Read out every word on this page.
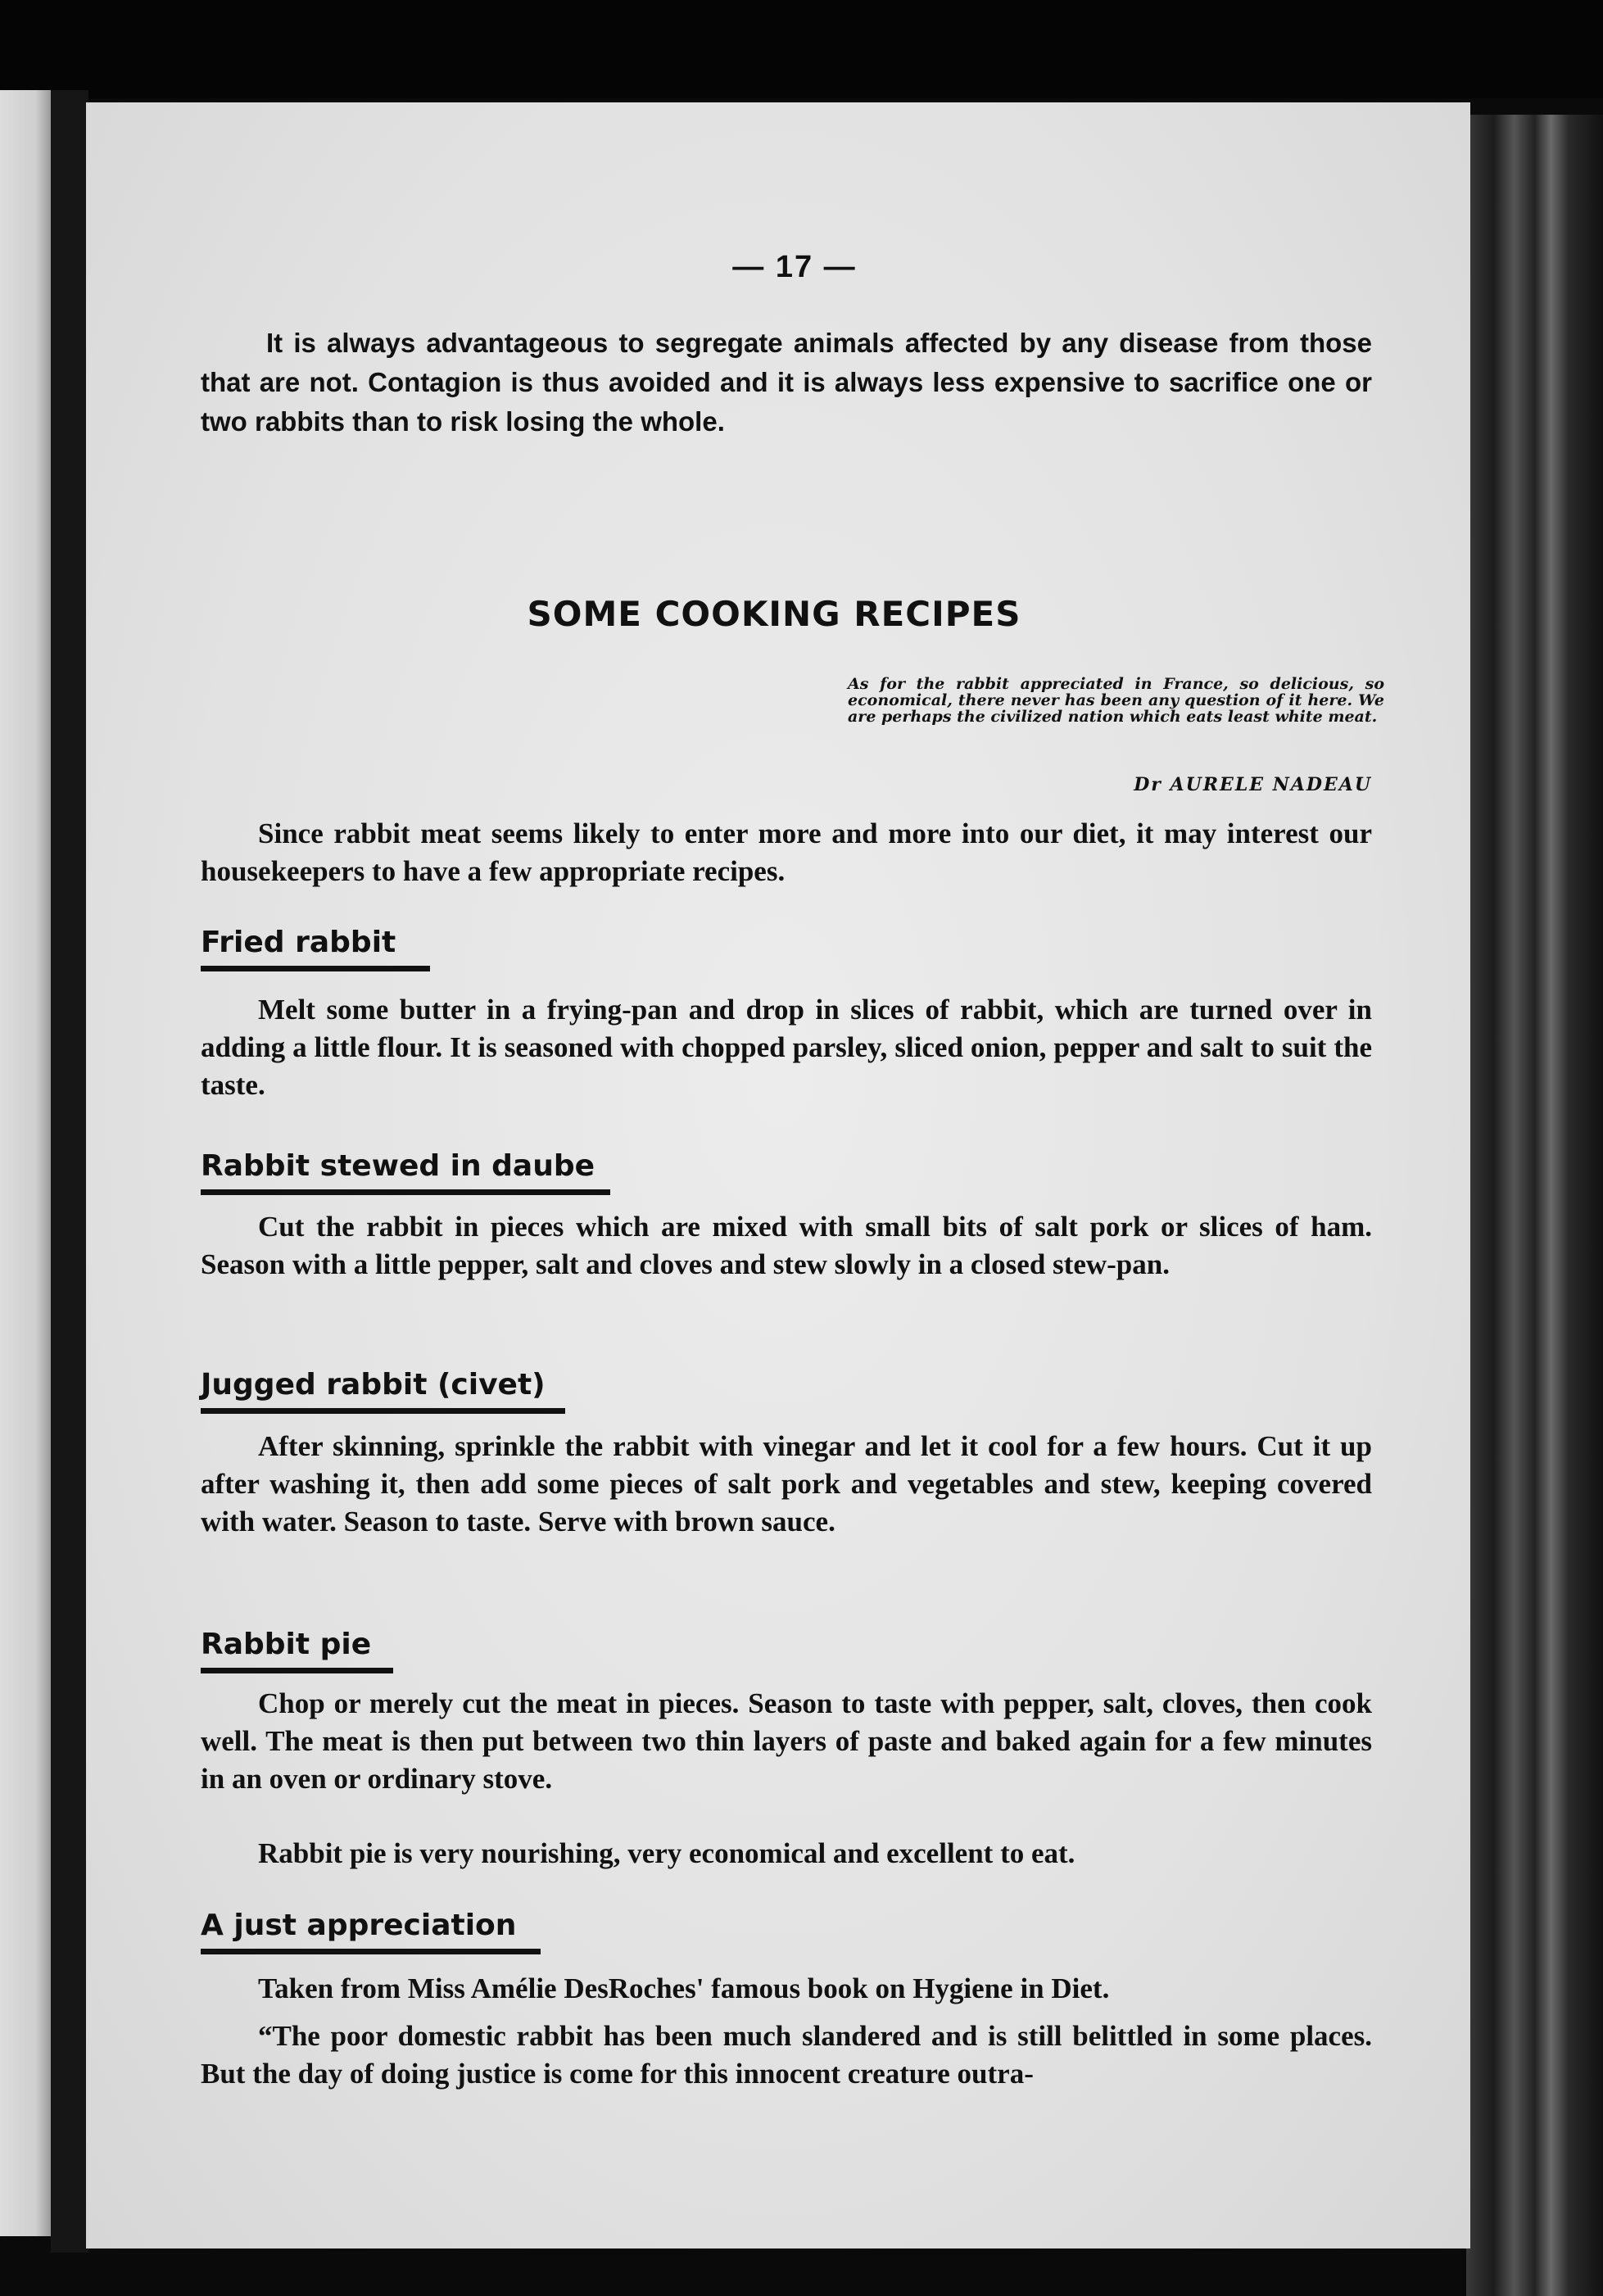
— 17 —
It is always advantageous to segregate animals affected by any disease from those that are not. Contagion is thus avoided and it is always less expensive to sacrifice one or two rabbits than to risk losing the whole.
SOME COOKING RECIPES
As for the rabbit appreciated in France, so delicious, so economical, there never has been any question of it here. We are perhaps the civilized nation which eats least white meat.
Dr AURELE NADEAU
Since rabbit meat seems likely to enter more and more into our diet, it may interest our housekeepers to have a few appropriate recipes.
Fried rabbit
Melt some butter in a frying-pan and drop in slices of rabbit, which are turned over in adding a little flour. It is seasoned with chopped parsley, sliced onion, pepper and salt to suit the taste.
Rabbit stewed in daube
Cut the rabbit in pieces which are mixed with small bits of salt pork or slices of ham. Season with a little pepper, salt and cloves and stew slowly in a closed stew-pan.
Jugged rabbit (civet)
After skinning, sprinkle the rabbit with vinegar and let it cool for a few hours. Cut it up after washing it, then add some pieces of salt pork and vegetables and stew, keeping covered with water. Season to taste. Serve with brown sauce.
Rabbit pie
Chop or merely cut the meat in pieces. Season to taste with pepper, salt, cloves, then cook well. The meat is then put between two thin layers of paste and baked again for a few minutes in an oven or ordinary stove.
Rabbit pie is very nourishing, very economical and excellent to eat.
A just appreciation
Taken from Miss Amélie DesRoches' famous book on Hygiene in Diet.
“The poor domestic rabbit has been much slandered and is still belittled in some places. But the day of doing justice is come for this innocent creature outra-
